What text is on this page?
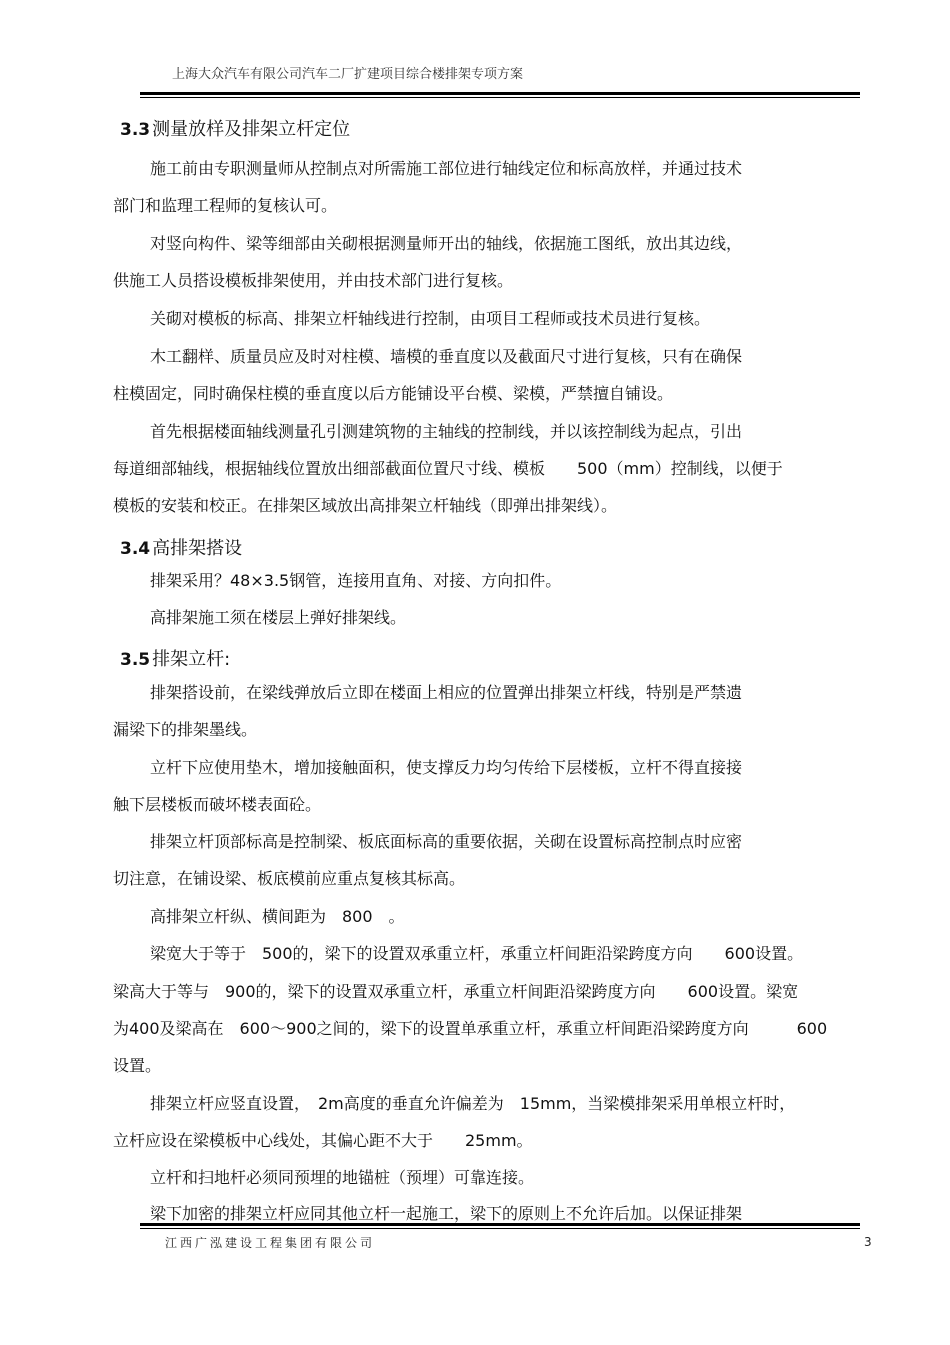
上海大众汽车有限公司汽车二厂扩建项目综合楼排架专项方案
3.3 测量放样及排架立杆定位
施工前由专职测量师从控制点对所需施工部位进行轴线定位和标高放样，并通过技术
部门和监理工程师的复核认可。
对竖向构件、梁等细部由关砌根据测量师开出的轴线，依据施工图纸，放出其边线，
供施工人员搭设模板排架使用，并由技术部门进行复核。
关砌对模板的标高、排架立杆轴线进行控制，由项目工程师或技术员进行复核。
木工翻样、质量员应及时对柱模、墙模的垂直度以及截面尺寸进行复核，只有在确保
柱模固定，同时确保柱模的垂直度以后方能铺设平台模、梁模，严禁擅自铺设。
首先根据楼面轴线测量孔引测建筑物的主轴线的控制线，并以该控制线为起点，引出
每道细部轴线，根据轴线位置放出细部截面位置尺寸线、模板　　500（mm）控制线，以便于
模板的安装和校正。在排架区域放出高排架立杆轴线（即弹出排架线）。
3.4 高排架搭设
排架采用？48×3.5钢管，连接用直角、对接、方向扣件。
高排架施工须在楼层上弹好排架线。
3.5 排架立杆:
排架搭设前，在梁线弹放后立即在楼面上相应的位置弹出排架立杆线，特别是严禁遗
漏梁下的排架墨线。
立杆下应使用垫木，增加接触面积，使支撑反力均匀传给下层楼板，立杆不得直接接
触下层楼板而破坏楼表面砼。
排架立杆顶部标高是控制梁、板底面标高的重要依据，关砌在设置标高控制点时应密
切注意，在铺设梁、板底模前应重点复核其标高。
高排架立杆纵、横间距为　800　。
梁宽大于等于　500的，梁下的设置双承重立杆，承重立杆间距沿梁跨度方向　　600设置。
梁高大于等与　900的，梁下的设置双承重立杆，承重立杆间距沿梁跨度方向　　600设置。梁宽
为400及梁高在　600～900之间的，梁下的设置单承重立杆，承重立杆间距沿梁跨度方向　　　600
设置。
排架立杆应竖直设置，　2m高度的垂直允许偏差为　15mm，当梁模排架采用单根立杆时，
立杆应设在梁模板中心线处，其偏心距不大于　　25mm。
立杆和扫地杆必须同预埋的地锚桩（预埋）可靠连接。
梁下加密的排架立杆应同其他立杆一起施工，梁下的原则上不允许后加。以保证排架
江西广泓建设工程集团有限公司	3
